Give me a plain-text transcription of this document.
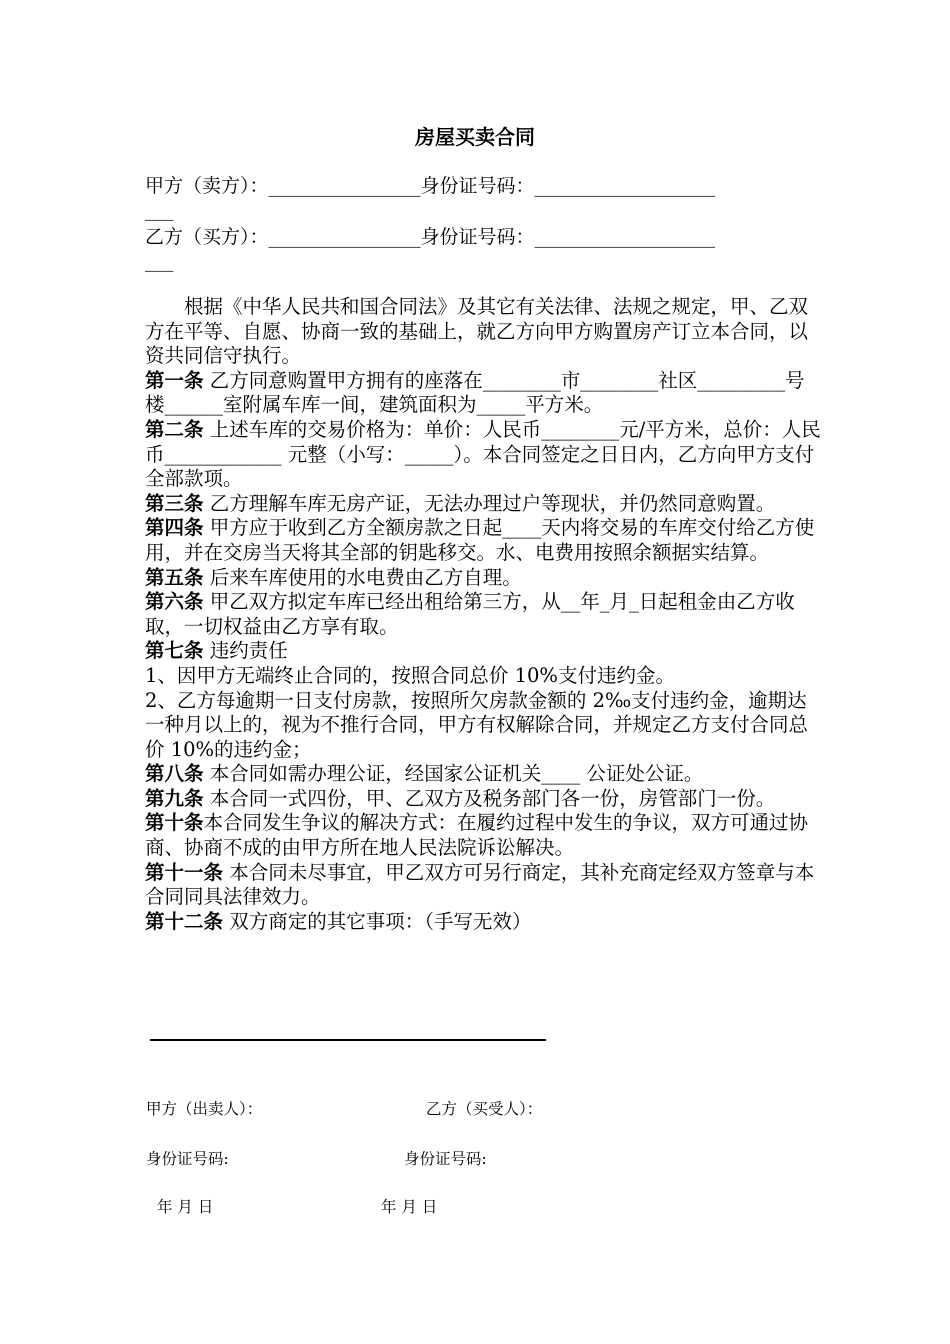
房屋买卖合同
甲方（卖方）：________________身份证号码：___________________
___
乙方（买方）：________________身份证号码：___________________
___

根据《中华人民共和国合同法》及其它有关法律、法规之规定，甲、乙双方在平等、自愿、协商一致的基础上，就乙方向甲方购置房产订立本合同，以资共同信守执行。

第一条 乙方同意购置甲方拥有的座落在________市________社区_________号楼______室附属车库一间，建筑面积为_____平方米。

第二条 上述车库的交易价格为：单价：人民币________元/平方米，总价：人民币____________ 元整（小写：_____）。本合同签定之日日内，乙方向甲方支付全部款项。

第三条 乙方理解车库无房产证，无法办理过户等现状，并仍然同意购置。

第四条 甲方应于收到乙方全额房款之日起____天内将交易的车库交付给乙方使用，并在交房当天将其全部的钥匙移交。水、电费用按照余额据实结算。

第五条 后来车库使用的水电费由乙方自理。

第六条 甲乙双方拟定车库已经出租给第三方，从__年_月_日起租金由乙方收取，一切权益由乙方享有取。

第七条 违约责任

1、因甲方无端终止合同的，按照合同总价 10%支付违约金。

2、乙方每逾期一日支付房款，按照所欠房款金额的 2‰支付违约金，逾期达一种月以上的，视为不推行合同，甲方有权解除合同，并规定乙方支付合同总价 10%的违约金；

第八条 本合同如需办理公证，经国家公证机关____ 公证处公证。

第九条 本合同一式四份，甲、乙双方及税务部门各一份，房管部门一份。

第十条本合同发生争议的解决方式：在履约过程中发生的争议，双方可通过协商、协商不成的由甲方所在地人民法院诉讼解决。

第十一条 本合同未尽事宜，甲乙双方可另行商定，其补充商定经双方签章与本合同同具法律效力。

第十二条 双方商定的其它事项：（手写无效）

甲方（出卖人）：	乙方（买受人）：
身份证号码:	身份证号码:
年 月 日	年 月 日
